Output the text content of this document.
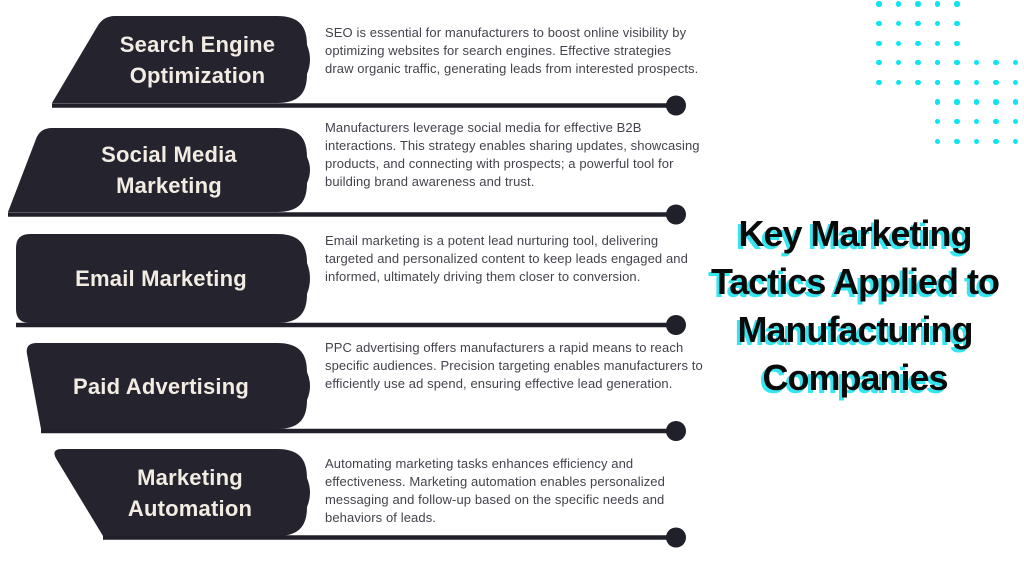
Search Engine
Optimization
Social Media
Marketing
Email Marketing
Paid Advertising
Marketing
Automation
SEO is essential for manufacturers to boost online visibility by optimizing websites for search engines. Effective strategies draw organic traffic, generating leads from interested prospects.
Manufacturers leverage social media for effective B2B interactions. This strategy enables sharing updates, showcasing products, and connecting with prospects; a powerful tool for building brand awareness and trust.
Email marketing is a potent lead nurturing tool, delivering targeted and personalized content to keep leads engaged and informed, ultimately driving them closer to conversion.
PPC advertising offers manufacturers a rapid means to reach specific audiences. Precision targeting enables manufacturers to efficiently use ad spend, ensuring effective lead generation.
Automating marketing tasks enhances efficiency and effectiveness. Marketing automation enables personalized messaging and follow-up based on the specific needs and behaviors of leads.
Key Marketing
Tactics Applied to
Manufacturing
Companies
